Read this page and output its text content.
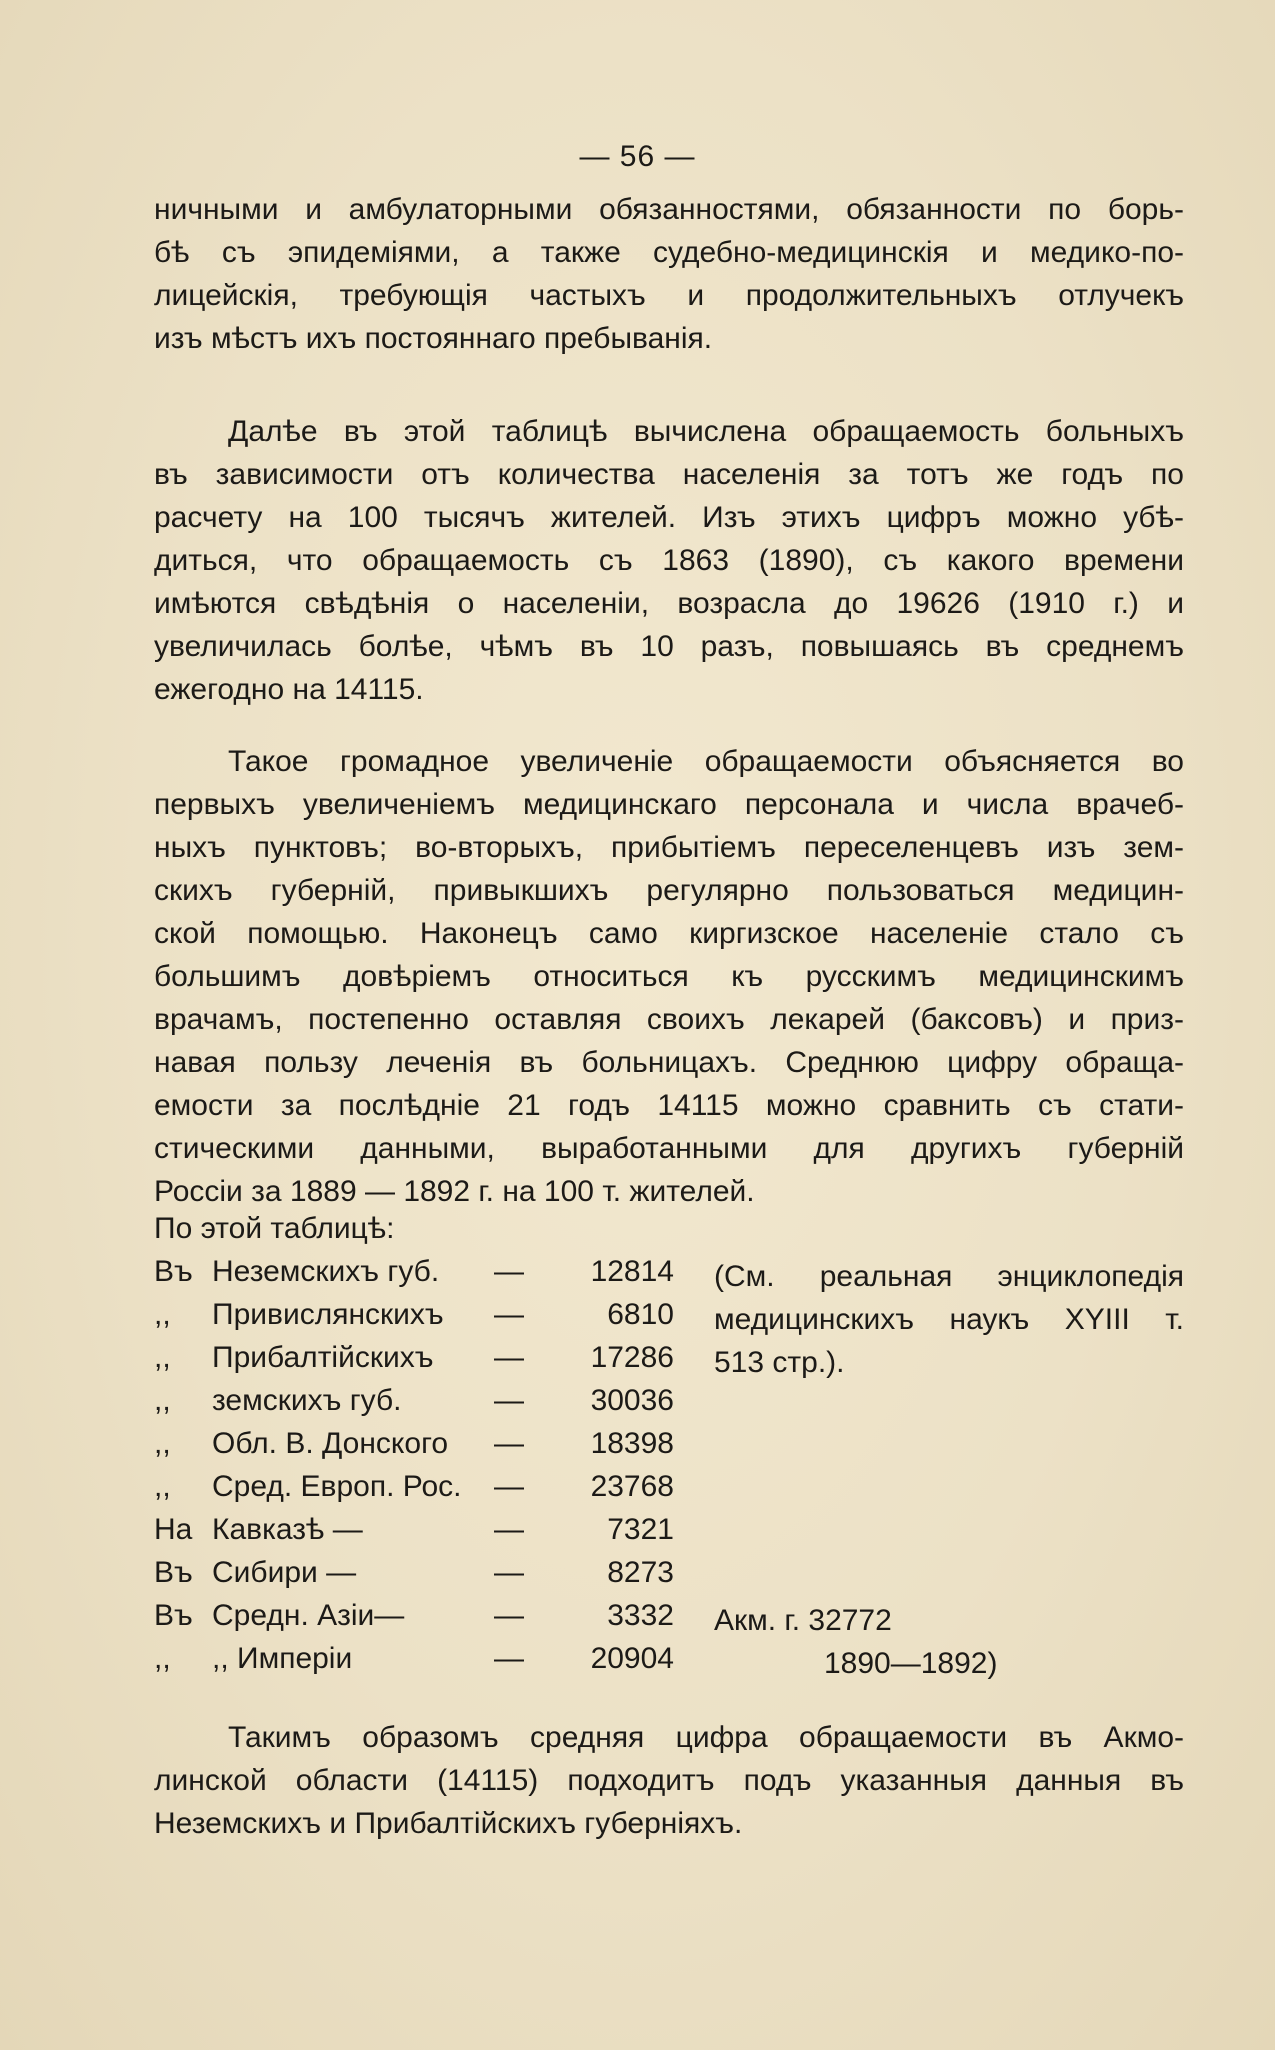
— 56 —

ничными и амбулаторными обязанностями, обязанности по борь-

бѣ съ эпидеміями, а также судебно-медицинскія и медико-по-

лицейскія, требующія частыхъ и продолжительныхъ отлучекъ

изъ мѣстъ ихъ постояннаго пребыванія.

Далѣе въ этой таблицѣ вычислена обращаемость больныхъ

въ зависимости отъ количества населенія за тотъ же годъ по

расчету на 100 тысячъ жителей. Изъ этихъ цифръ можно убѣ-

диться, что обращаемость съ 1863 (1890), съ какого времени

имѣются свѣдѣнія о населеніи, возрасла до 19626 (1910 г.) и

увеличилась болѣе, чѣмъ въ 10 разъ, повышаясь въ среднемъ

ежегодно на 14115.

Такое громадное увеличеніе обращаемости объясняется во

первыхъ увеличеніемъ медицинскаго персонала и числа врачеб-

ныхъ пунктовъ; во-вторыхъ, прибытіемъ переселенцевъ изъ зем-

скихъ губерній, привыкшихъ регулярно пользоваться медицин-

ской помощью. Наконецъ само киргизское населеніе стало съ

большимъ довѣріемъ относиться къ русскимъ медицинскимъ

врачамъ, постепенно оставляя своихъ лекарей (баксовъ) и приз-

навая пользу леченія въ больницахъ. Среднюю цифру обраща-

емости за послѣдніе 21 годъ 14115 можно сравнить съ стати-

стическими данными, выработанными для другихъ губерній

Россіи за 1889 — 1892 г. на 100 т. жителей.

По этой таблицѣ:
Въ Неземскихъ губ. —	12814
,, Привислянскихъ —	6810
,, Прибалтійскихъ —	17286
,, земскихъ губ.	—	30036
,, Обл. В. Донского —	18398
,, Сред. Европ. Рос. —	23768
На Кавказѣ —	—	7321
Въ Сибири —	—	8273
Въ Средн. Азіи—	—	3332
,, ,, Имперіи	—	20904

(См. реальная энциклопедія

медицинскихъ наукъ XYIII т.

513 стр.).

Акм. г. 32772
1890—1892)

Такимъ образомъ средняя цифра обращаемости въ Акмо-

линской области (14115) подходитъ подъ указанныя данныя въ

Неземскихъ и Прибалтійскихъ губерніяхъ.
